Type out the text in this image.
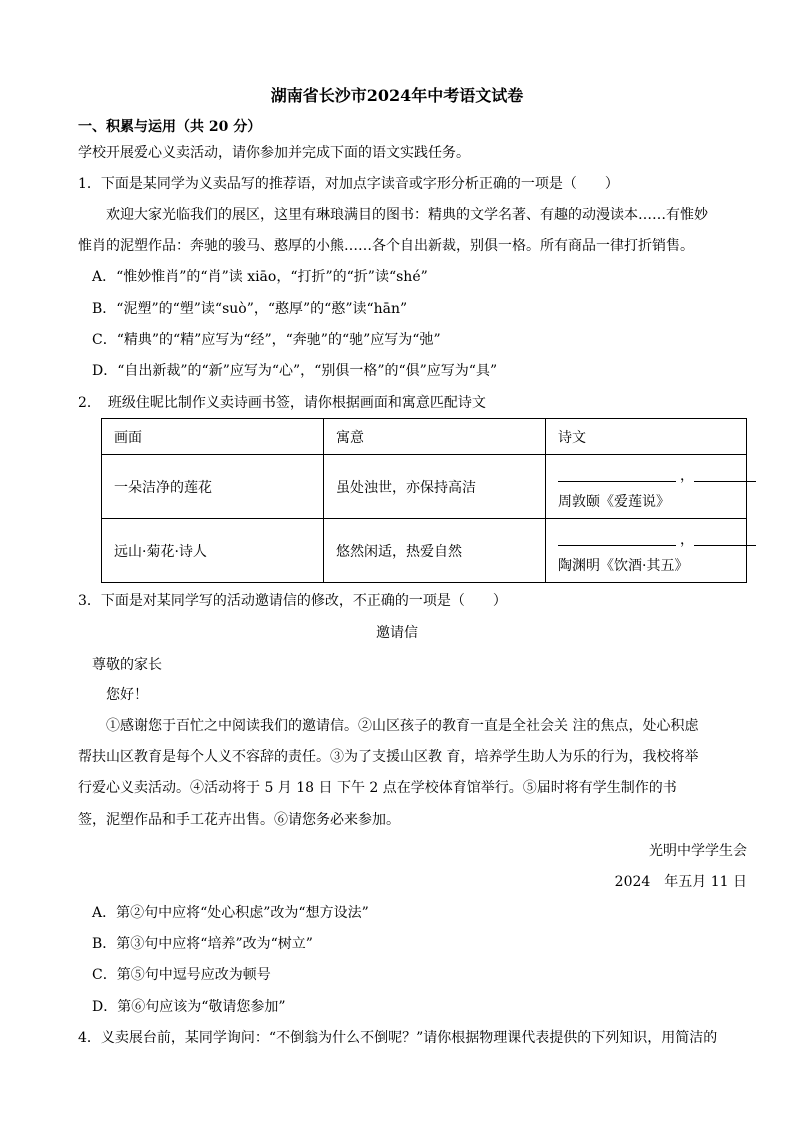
湖南省长沙市2024年中考语文试卷
一、积累与运用（共 20 分）
学校开展爱心义卖活动，请你参加并完成下面的语文实践任务。
1．下面是某同学为义卖品写的推荐语，对加点字读音或字形分析正确的一项是（　　）
欢迎大家光临我们的展区，这里有琳琅满目的图书：精典的文学名著、有趣的动漫读本……有惟妙
惟肖的泥塑作品：奔驰的骏马、憨厚的小熊……各个自出新裁，别俱一格。所有商品一律打折销售。
A．“惟妙惟肖”的“肖”读 xiāo，“打折”的“折”读“shé”
B．“泥塑”的“塑”读“suò”，“憨厚”的“憨”读“hān”
C．“精典”的“精”应写为“经”，“奔驰”的“驰”应写为“弛”
D．“自出新裁”的“新”应写为“心”，“别俱一格”的“俱”应写为“具”
2．　班级住昵比制作义卖诗画书签，请你根据画面和寓意匹配诗文
画面	寓意	诗文
一朵洁净的莲花	虽处浊世，亦保持高洁	，
周敦颐《爱莲说》

远山·菊花·诗人	悠然闲适，热爱自然	，
陶渊明《饮酒·其五》
3．下面是对某同学写的活动邀请信的修改，不正确的一项是（　　）
邀请信
尊敬的家长
您好！
①感谢您于百忙之中阅读我们的邀请信。②山区孩子的教育一直是全社会关 注的焦点，处心积虑
帮扶山区教育是每个人义不容辞的责任。③为了支援山区教 育，培养学生助人为乐的行为，我校将举
行爱心义卖活动。④活动将于 5 月 18 日 下午 2 点在学校体育馆举行。⑤届时将有学生制作的书
签，泥塑作品和手工花卉出售。⑥请您务必来参加。
光明中学学生会
2024　年五月 11 日
A．第②句中应将“处心积虑”改为“想方设法”
B．第③句中应将“培养”改为“树立”
C．第⑤句中逗号应改为顿号
D．第⑥句应该为“敬请您参加”
4．义卖展台前，某同学询问：“不倒翁为什么不倒呢？”请你根据物理课代表提供的下列知识，用简洁的
